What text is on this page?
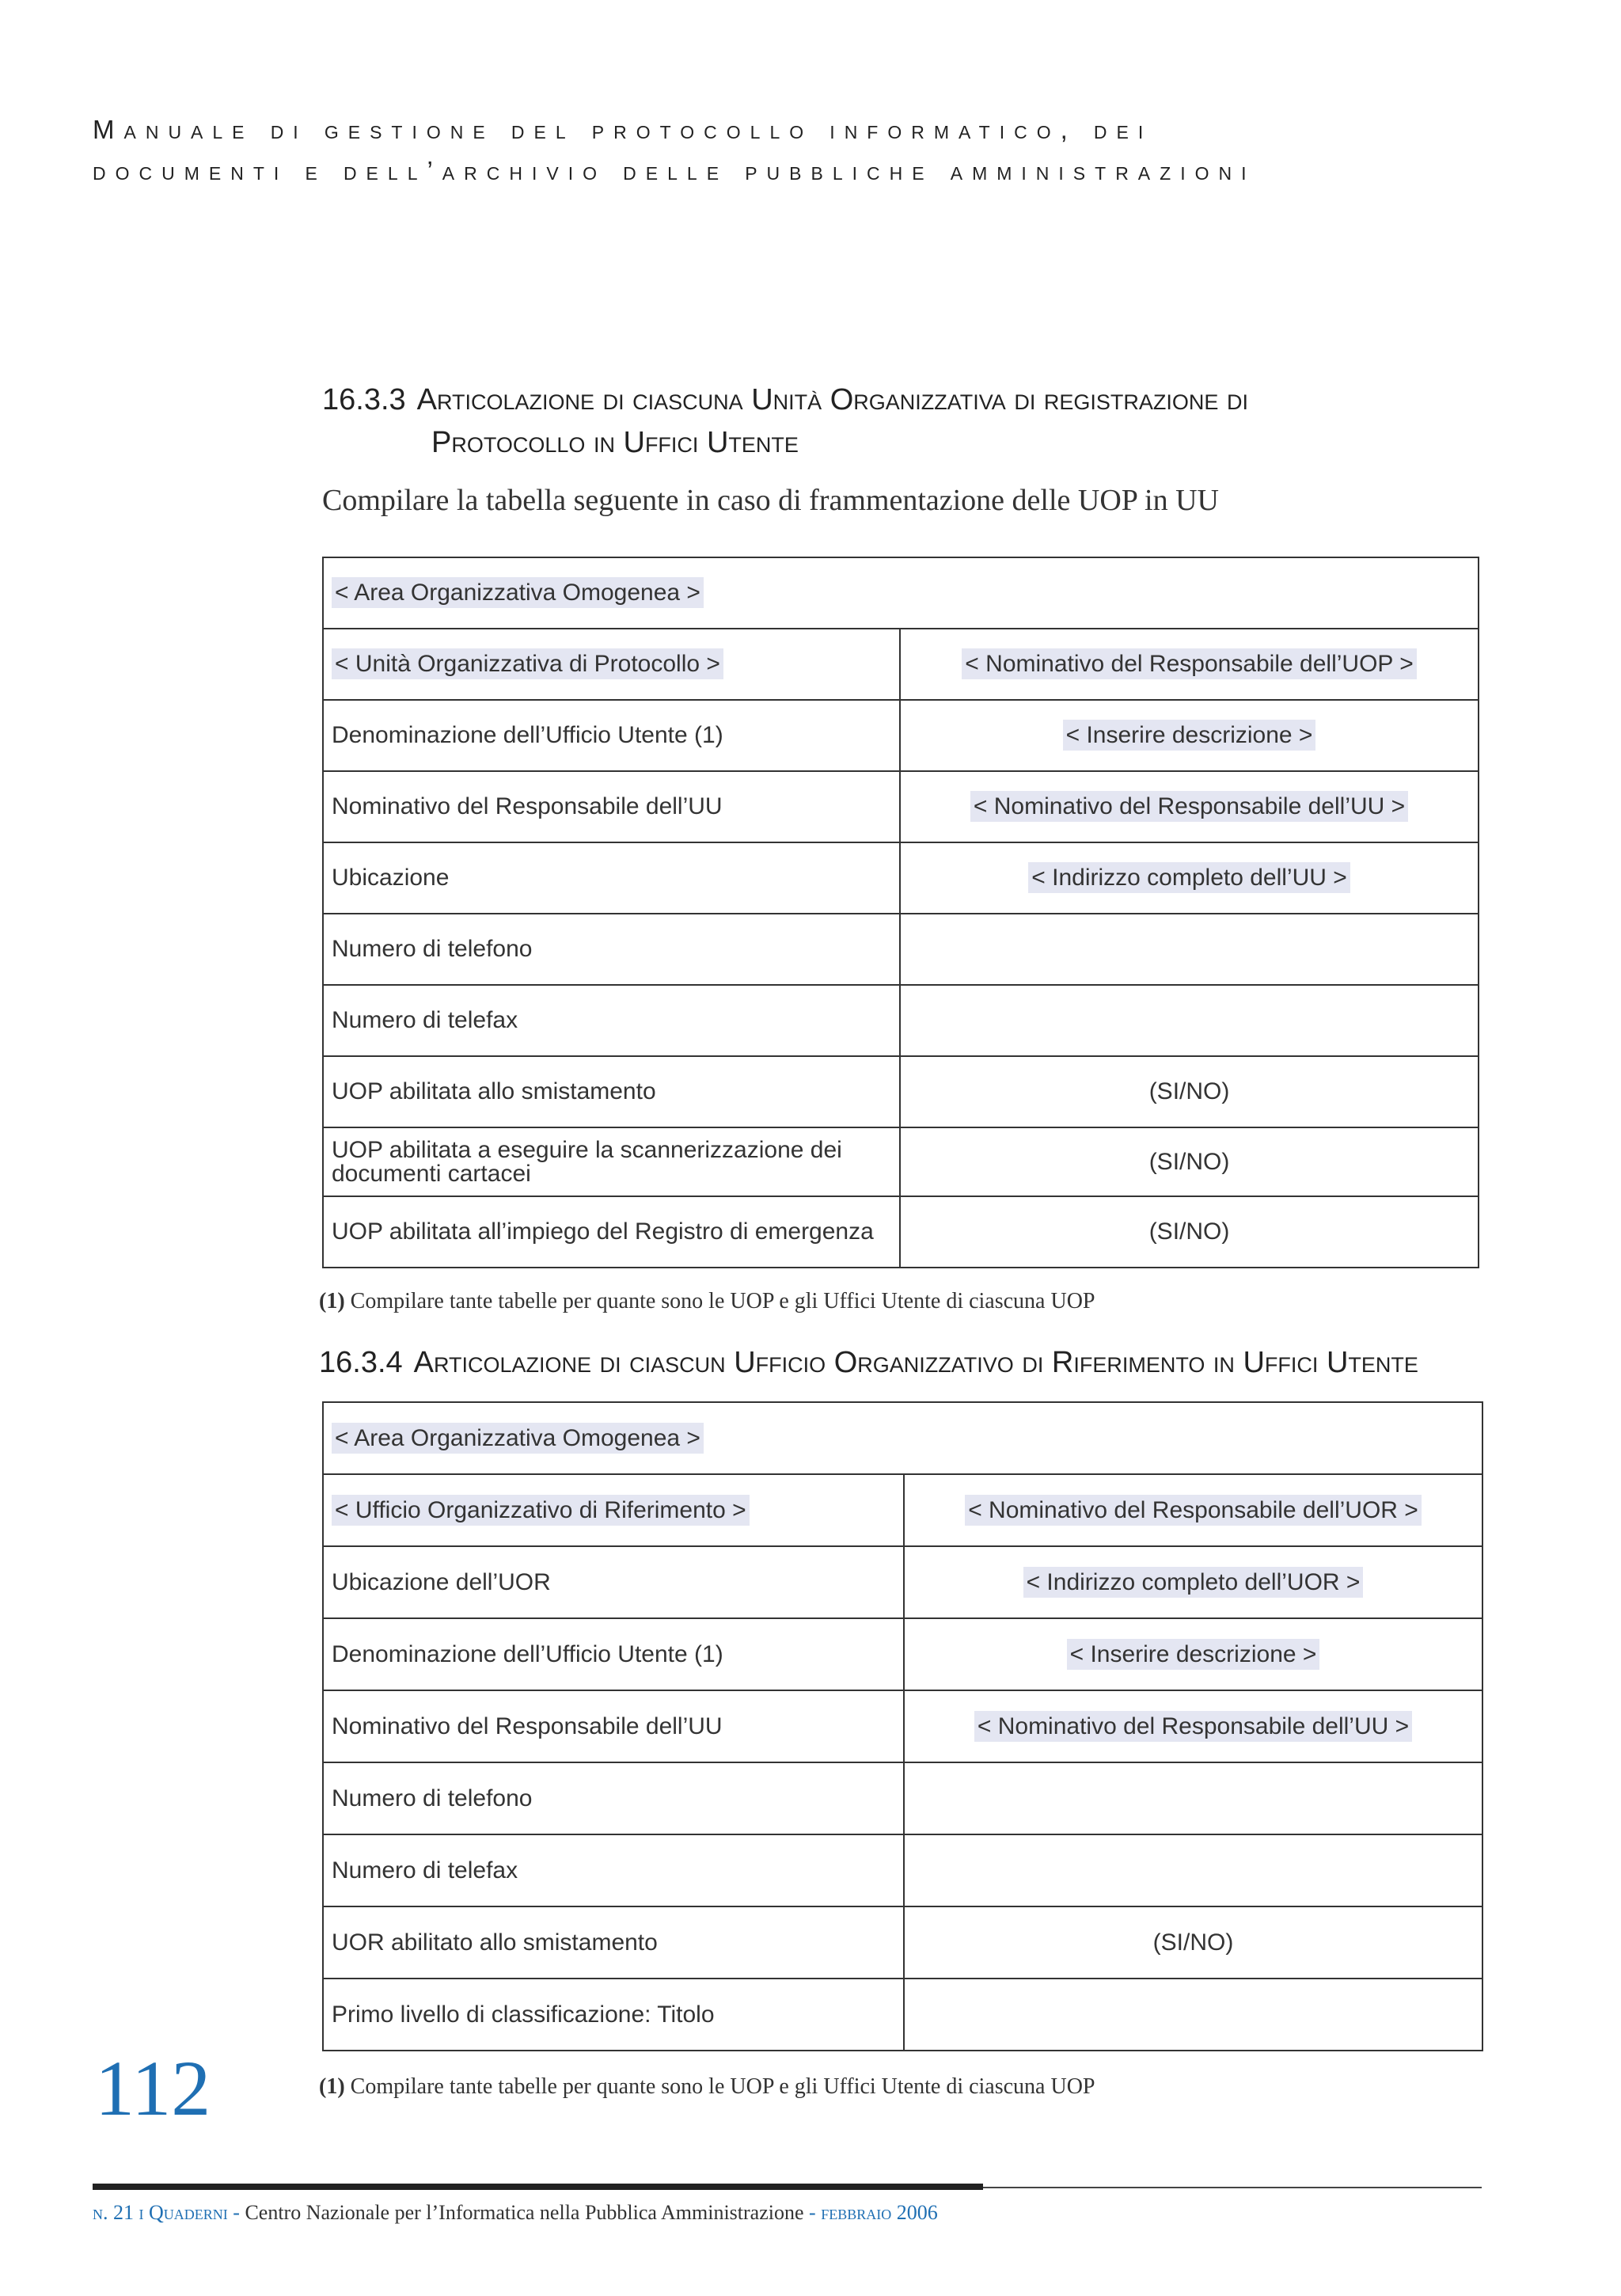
Manuale di gestione del protocollo informatico, dei
documenti e dell’archivio delle pubbliche amministrazioni
16.3.3 Articolazione di ciascuna Unità Organizzativa di registrazione di
Protocollo in Uffici Utente
Compilare la tabella seguente in caso di frammentazione delle UOP in UU
< Area Organizzativa Omogenea >	
< Unità Organizzativa di Protocollo >	< Nominativo del Responsabile dell’UOP >
Denominazione dell’Ufficio Utente (1)	< Inserire descrizione >
Nominativo del Responsabile dell’UU	< Nominativo del Responsabile dell’UU >
Ubicazione	< Indirizzo completo dell’UU >
Numero di telefono	
Numero di telefax	
UOP abilitata allo smistamento	(SI/NO)
UOP abilitata a eseguire la scannerizzazione dei documenti cartacei	(SI/NO)
UOP abilitata all’impiego del Registro di emergenza	(SI/NO)
(1) Compilare tante tabelle per quante sono le UOP e gli Uffici Utente di ciascuna UOP
16.3.4 Articolazione di ciascun Ufficio Organizzativo di Riferimento in Uffici Utente
< Area Organizzativa Omogenea >	
< Ufficio Organizzativo di Riferimento >	< Nominativo del Responsabile dell’UOR >
Ubicazione dell’UOR	< Indirizzo completo dell’UOR >
Denominazione dell’Ufficio Utente (1)	< Inserire descrizione >
Nominativo del Responsabile dell’UU	< Nominativo del Responsabile dell’UU >
Numero di telefono	
Numero di telefax	
UOR abilitato allo smistamento	(SI/NO)
Primo livello di classificazione: Titolo	
(1) Compilare tante tabelle per quante sono le UOP e gli Uffici Utente di ciascuna UOP
112
n. 21 i Quaderni - Centro Nazionale per l’Informatica nella Pubblica Amministrazione - febbraio 2006
